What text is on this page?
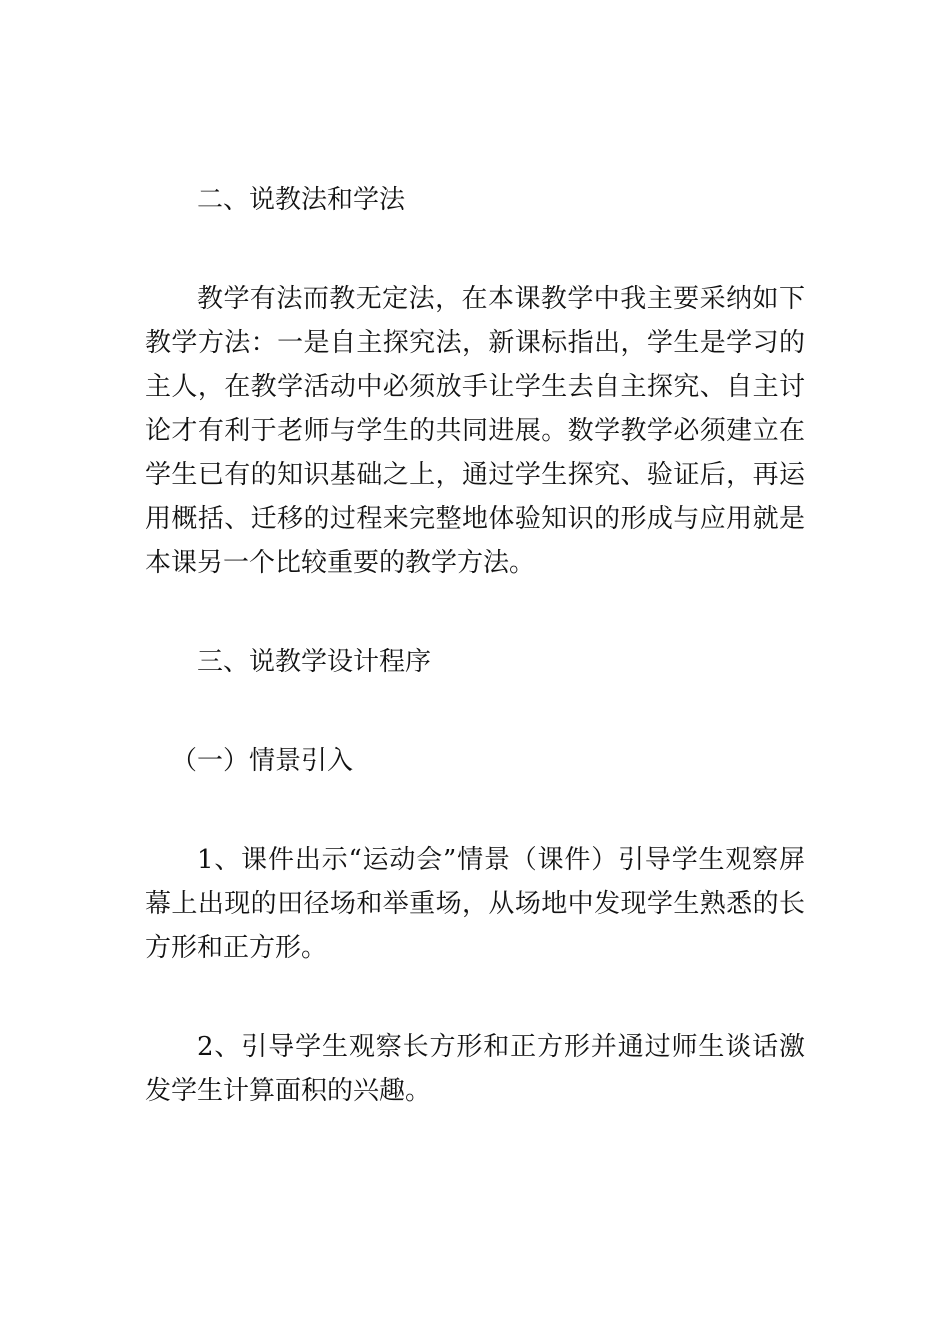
二、说教法和学法

教学有法而教无定法，在本课教学中我主要采纳如下教学方法：一是自主探究法，新课标指出，学生是学习的主人，在教学活动中必须放手让学生去自主探究、自主讨论才有利于老师与学生的共同进展。数学教学必须建立在学生已有的知识基础之上，通过学生探究、验证后，再运用概括、迁移的过程来完整地体验知识的形成与应用就是本课另一个比较重要的教学方法。

三、说教学设计程序

（一）情景引入

1、课件出示“运动会”情景（课件）引导学生观察屏幕上出现的田径场和举重场，从场地中发现学生熟悉的长方形和正方形。

2、引导学生观察长方形和正方形并通过师生谈话激发学生计算面积的兴趣。
